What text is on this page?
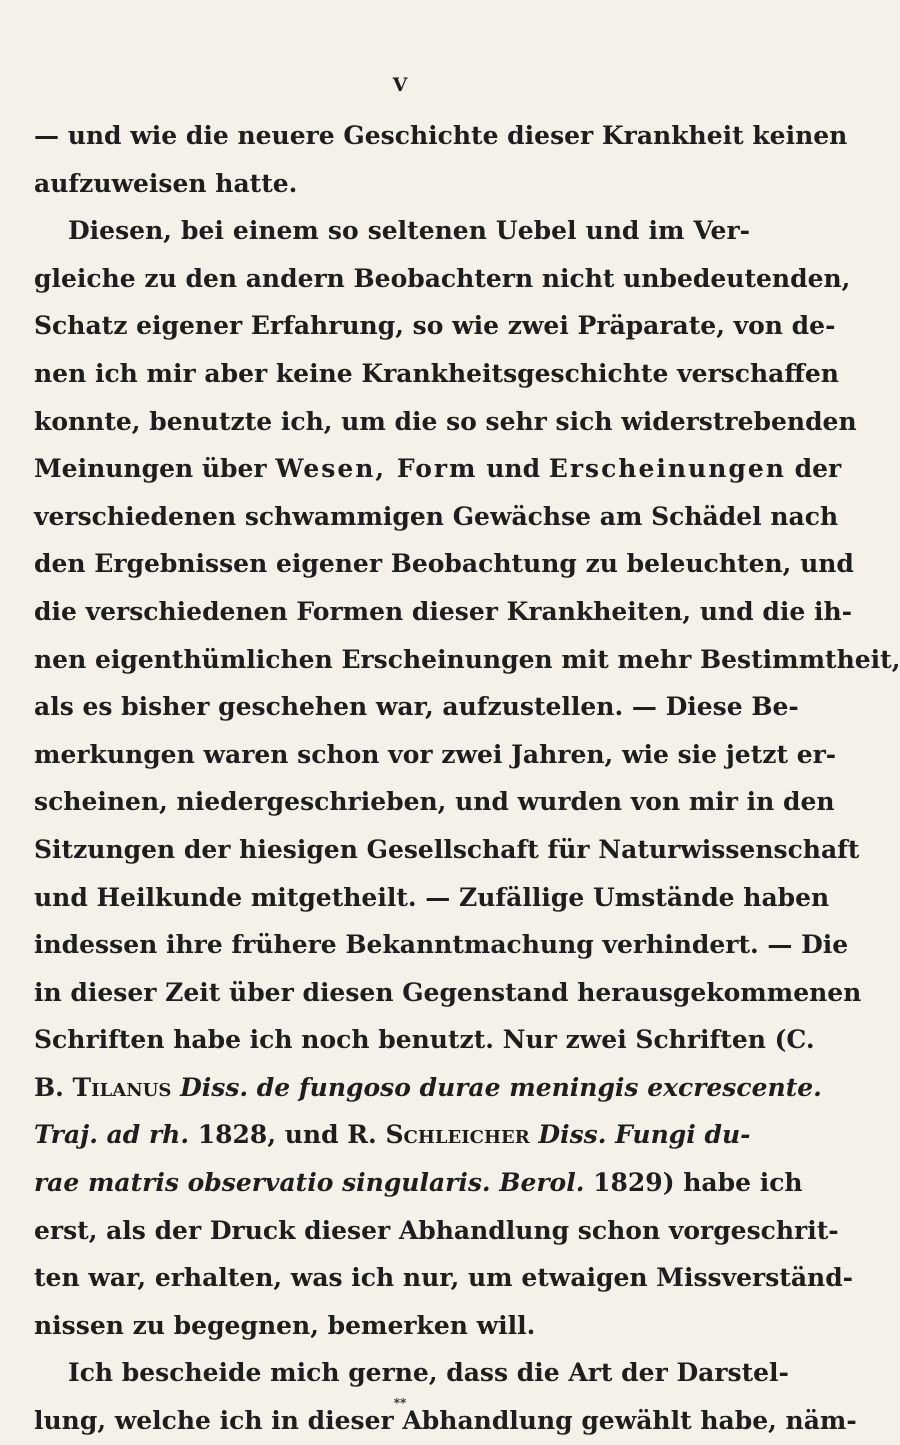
V
— und wie die neuere Geschichte dieser Krankheit keinen
aufzuweisen hatte.
Diesen, bei einem so seltenen Uebel und im Ver-
gleiche zu den andern Beobachtern nicht unbedeutenden,
Schatz eigener Erfahrung, so wie zwei Präparate, von de-
nen ich mir aber keine Krankheitsgeschichte verschaffen
konnte, benutzte ich, um die so sehr sich widerstrebenden
Meinungen über Wesen, Form und Erscheinungen der
verschiedenen schwammigen Gewächse am Schädel nach
den Ergebnissen eigener Beobachtung zu beleuchten, und
die verschiedenen Formen dieser Krankheiten, und die ih-
nen eigenthümlichen Erscheinungen mit mehr Bestimmtheit,
als es bisher geschehen war, aufzustellen. — Diese Be-
merkungen waren schon vor zwei Jahren, wie sie jetzt er-
scheinen, niedergeschrieben, und wurden von mir in den
Sitzungen der hiesigen Gesellschaft für Naturwissenschaft
und Heilkunde mitgetheilt. — Zufällige Umstände haben
indessen ihre frühere Bekanntmachung verhindert. — Die
in dieser Zeit über diesen Gegenstand herausgekommenen
Schriften habe ich noch benutzt. Nur zwei Schriften (C.
B. Tilanus Diss. de fungoso durae meningis excrescente.
Traj. ad rh. 1828, und R. Schleicher Diss. Fungi du-
rae matris observatio singularis. Berol. 1829) habe ich
erst, als der Druck dieser Abhandlung schon vorgeschrit-
ten war, erhalten, was ich nur, um etwaigen Missverständ-
nissen zu begegnen, bemerken will.
Ich bescheide mich gerne, dass die Art der Darstel-
lung, welche ich in dieser Abhandlung gewählt habe, näm-
**
